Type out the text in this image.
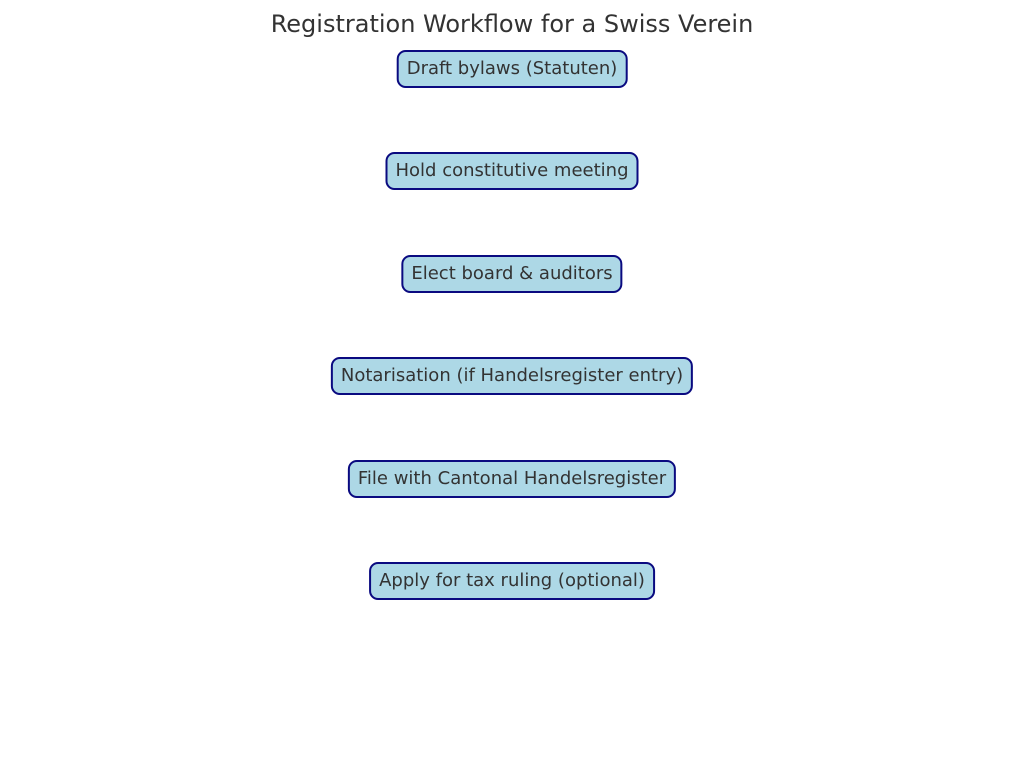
Registration Workflow for a Swiss Verein
Draft bylaws (Statuten)
Hold constitutive meeting
Elect board & auditors
Notarisation (if Handelsregister entry)
File with Cantonal Handelsregister
Apply for tax ruling (optional)
